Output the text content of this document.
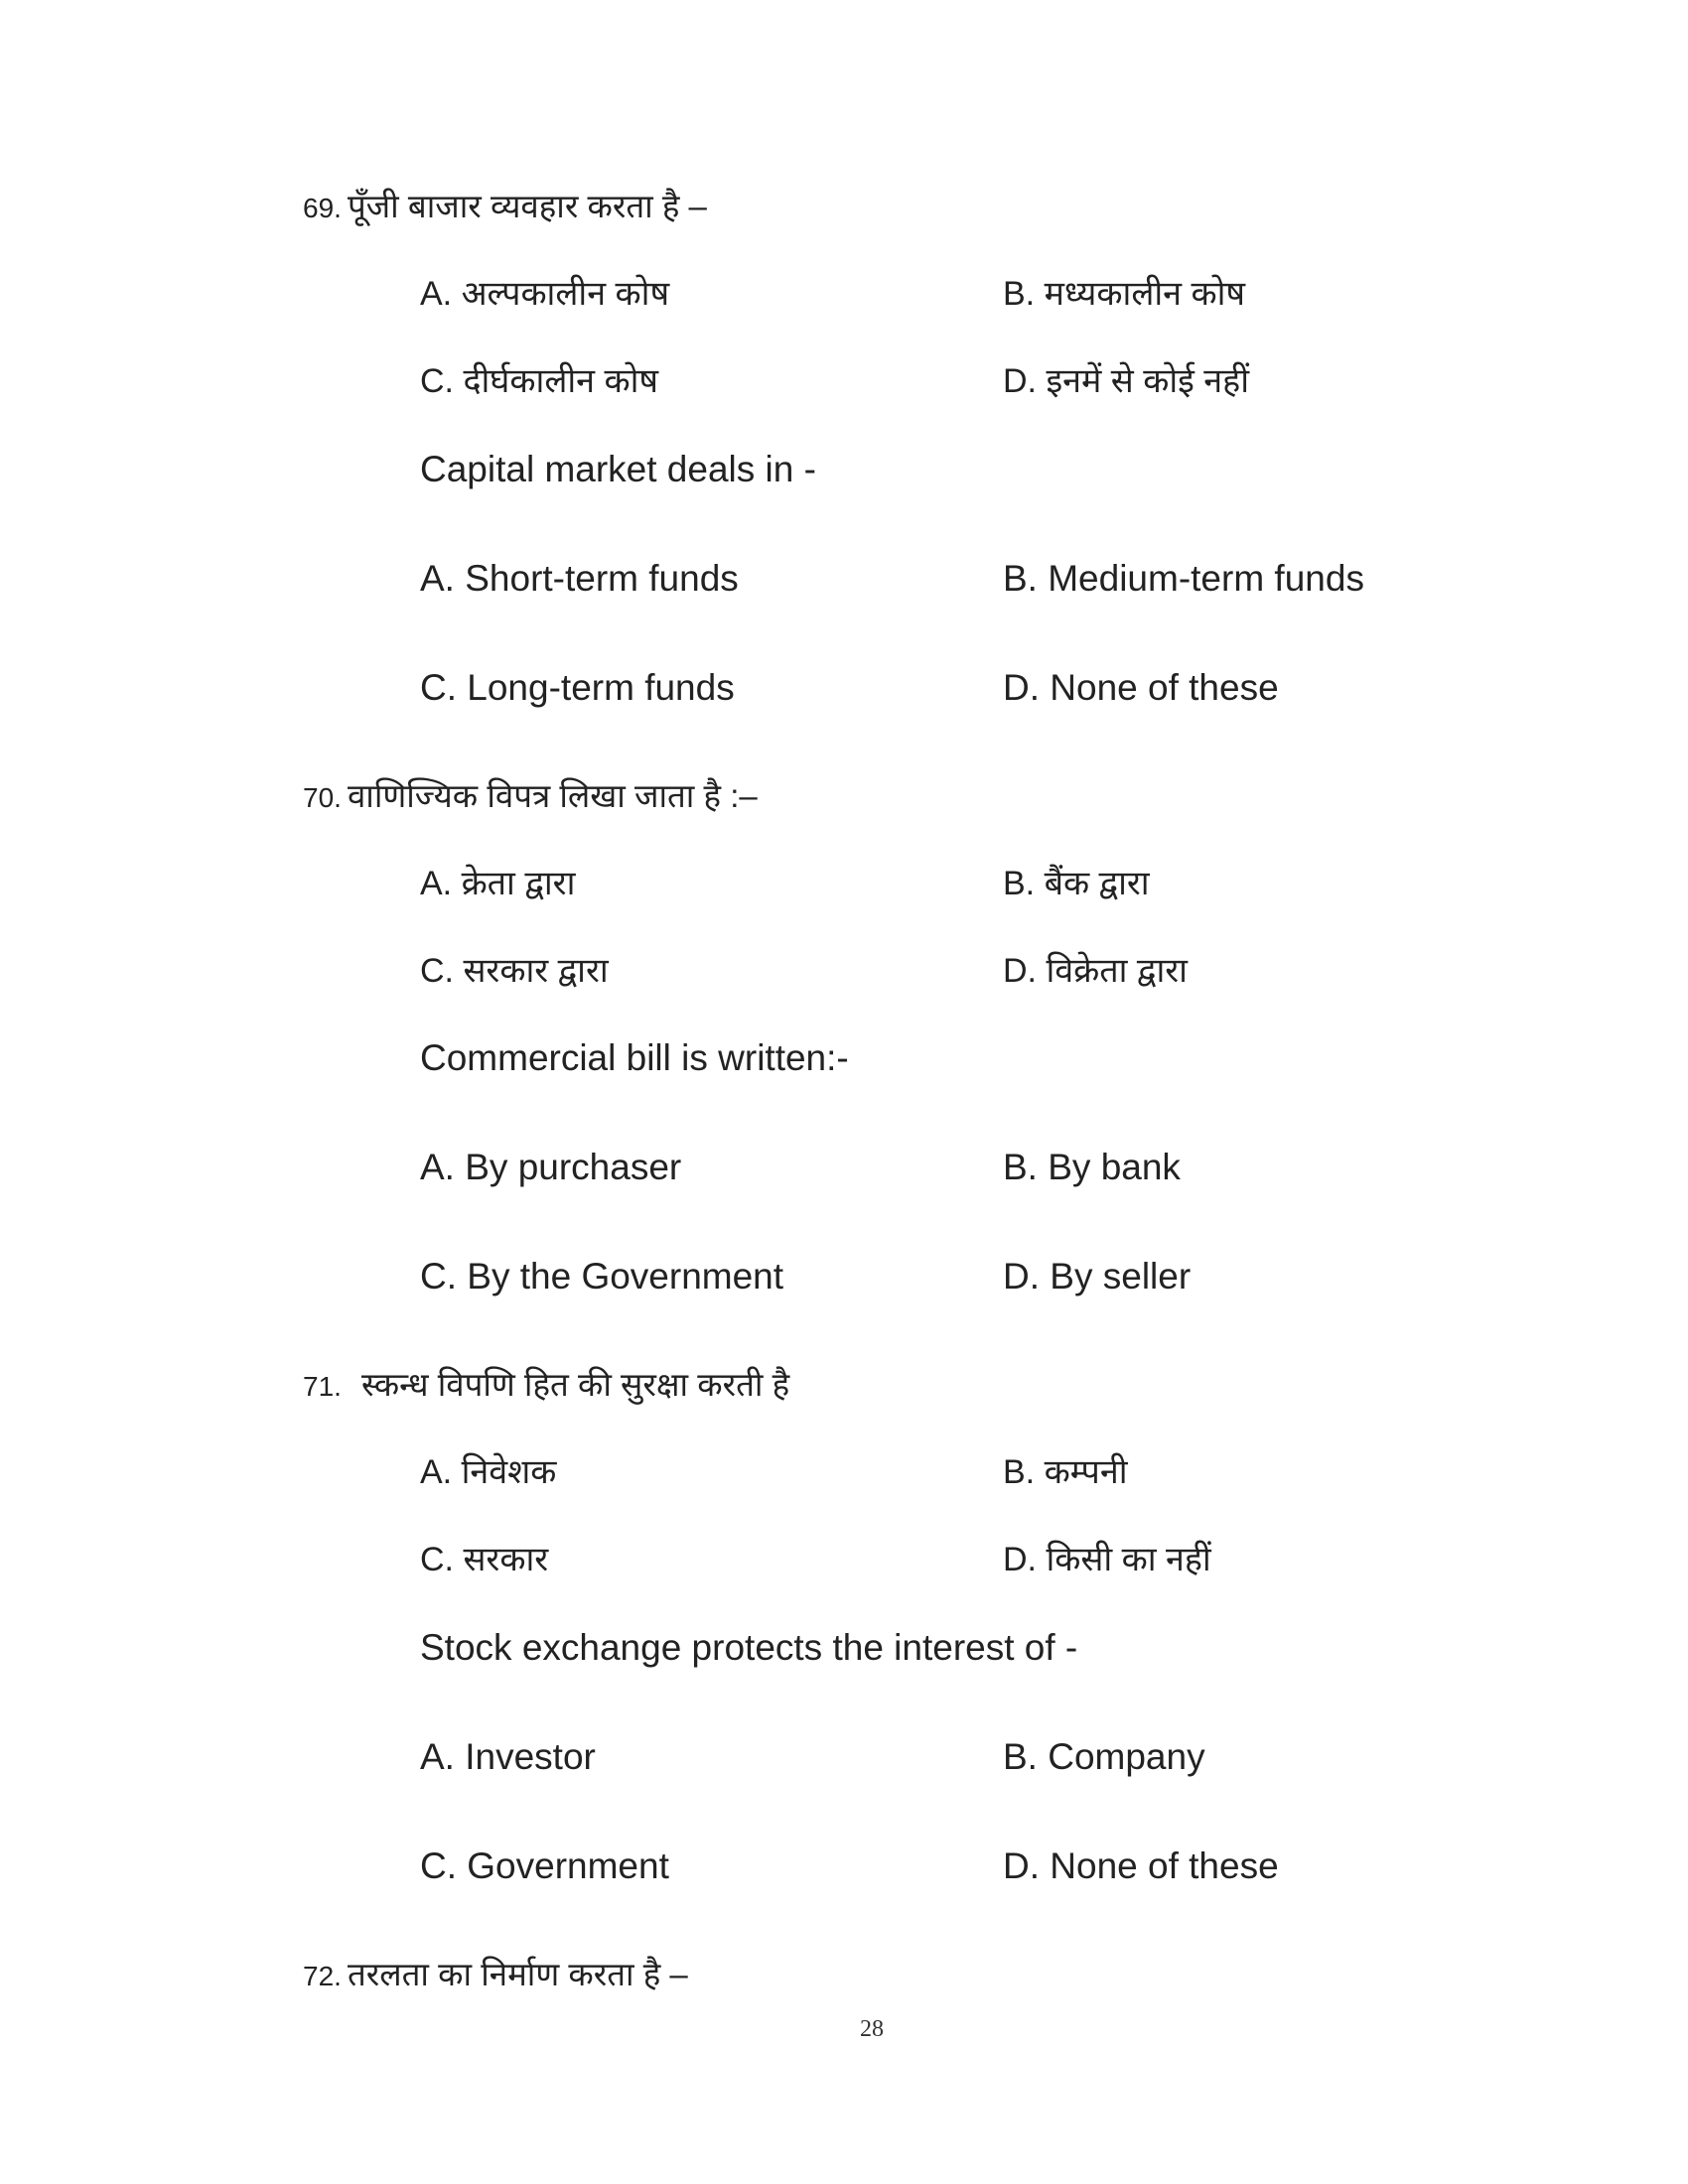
69. पूँजी बाजार व्यवहार करता है –
A. अल्पकालीन कोष	B. मध्यकालीन कोष
C. दीर्घकालीन कोष	D. इनमें से कोई नहीं
Capital market deals in -
A. Short-term funds	B. Medium-term funds
C. Long-term funds	D. None of these
70. वाणिज्यिक विपत्र लिखा जाता है :–
A. क्रेता द्वारा	B. बैंक द्वारा
C. सरकार द्वारा	D. विक्रेता द्वारा
Commercial bill is written:-
A. By purchaser	B. By bank
C. By the Government	D. By seller
71. स्कन्ध विपणि हित की सुरक्षा करती है
A. निवेशक	B. कम्पनी
C. सरकार	D. किसी का नहीं
Stock exchange protects the interest of -
A. Investor	B. Company
C. Government	D. None of these
72. तरलता का निर्माण करता है –
28
